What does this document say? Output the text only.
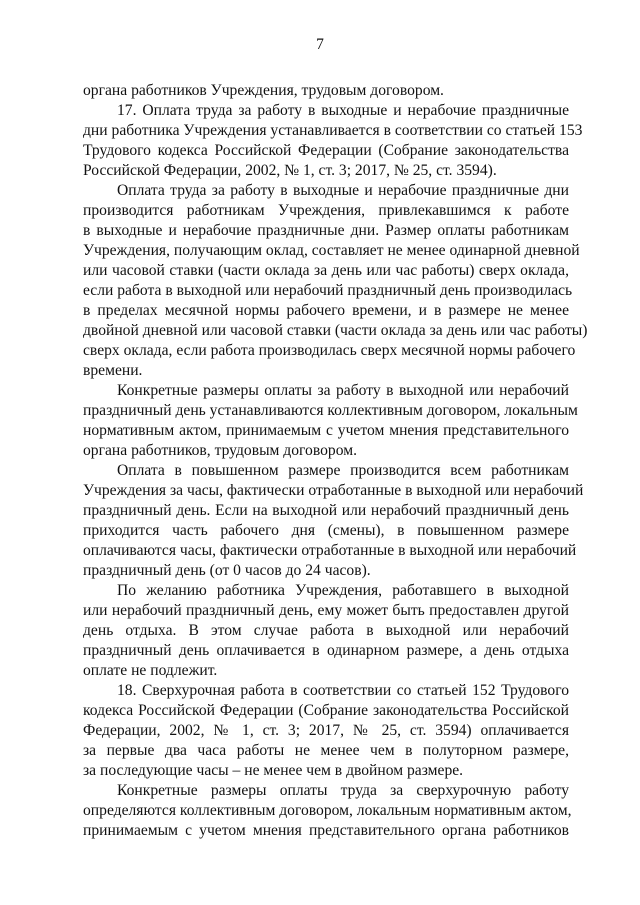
7
органа работников Учреждения, трудовым договором.
17. Оплата труда за работу в выходные и нерабочие праздничные
дни работника Учреждения устанавливается в соответствии со статьей 153
Трудового кодекса Российской Федерации (Собрание законодательства
Российской Федерации, 2002, № 1, ст. 3; 2017, № 25, ст. 3594).
Оплата труда за работу в выходные и нерабочие праздничные дни
производится работникам Учреждения, привлекавшимся к работе
в выходные и нерабочие праздничные дни. Размер оплаты работникам
Учреждения, получающим оклад, составляет не менее одинарной дневной
или часовой ставки (части оклада за день или час работы) сверх оклада,
если работа в выходной или нерабочий праздничный день производилась
в пределах месячной нормы рабочего времени, и в размере не менее
двойной дневной или часовой ставки (части оклада за день или час работы)
сверх оклада, если работа производилась сверх месячной нормы рабочего
времени.
Конкретные размеры оплаты за работу в выходной или нерабочий
праздничный день устанавливаются коллективным договором, локальным
нормативным актом, принимаемым с учетом мнения представительного
органа работников, трудовым договором.
Оплата в повышенном размере производится всем работникам
Учреждения за часы, фактически отработанные в выходной или нерабочий
праздничный день. Если на выходной или нерабочий праздничный день
приходится часть рабочего дня (смены), в повышенном размере
оплачиваются часы, фактически отработанные в выходной или нерабочий
праздничный день (от 0 часов до 24 часов).
По желанию работника Учреждения, работавшего в выходной
или нерабочий праздничный день, ему может быть предоставлен другой
день отдыха. В этом случае работа в выходной или нерабочий
праздничный день оплачивается в одинарном размере, а день отдыха
оплате не подлежит.
18. Сверхурочная работа в соответствии со статьей 152 Трудового
кодекса Российской Федерации (Собрание законодательства Российской
Федерации, 2002, № 1, ст. 3; 2017, № 25, ст. 3594) оплачивается
за первые два часа работы не менее чем в полуторном размере,
за последующие часы – не менее чем в двойном размере.
Конкретные размеры оплаты труда за сверхурочную работу
определяются коллективным договором, локальным нормативным актом,
принимаемым с учетом мнения представительного органа работников
